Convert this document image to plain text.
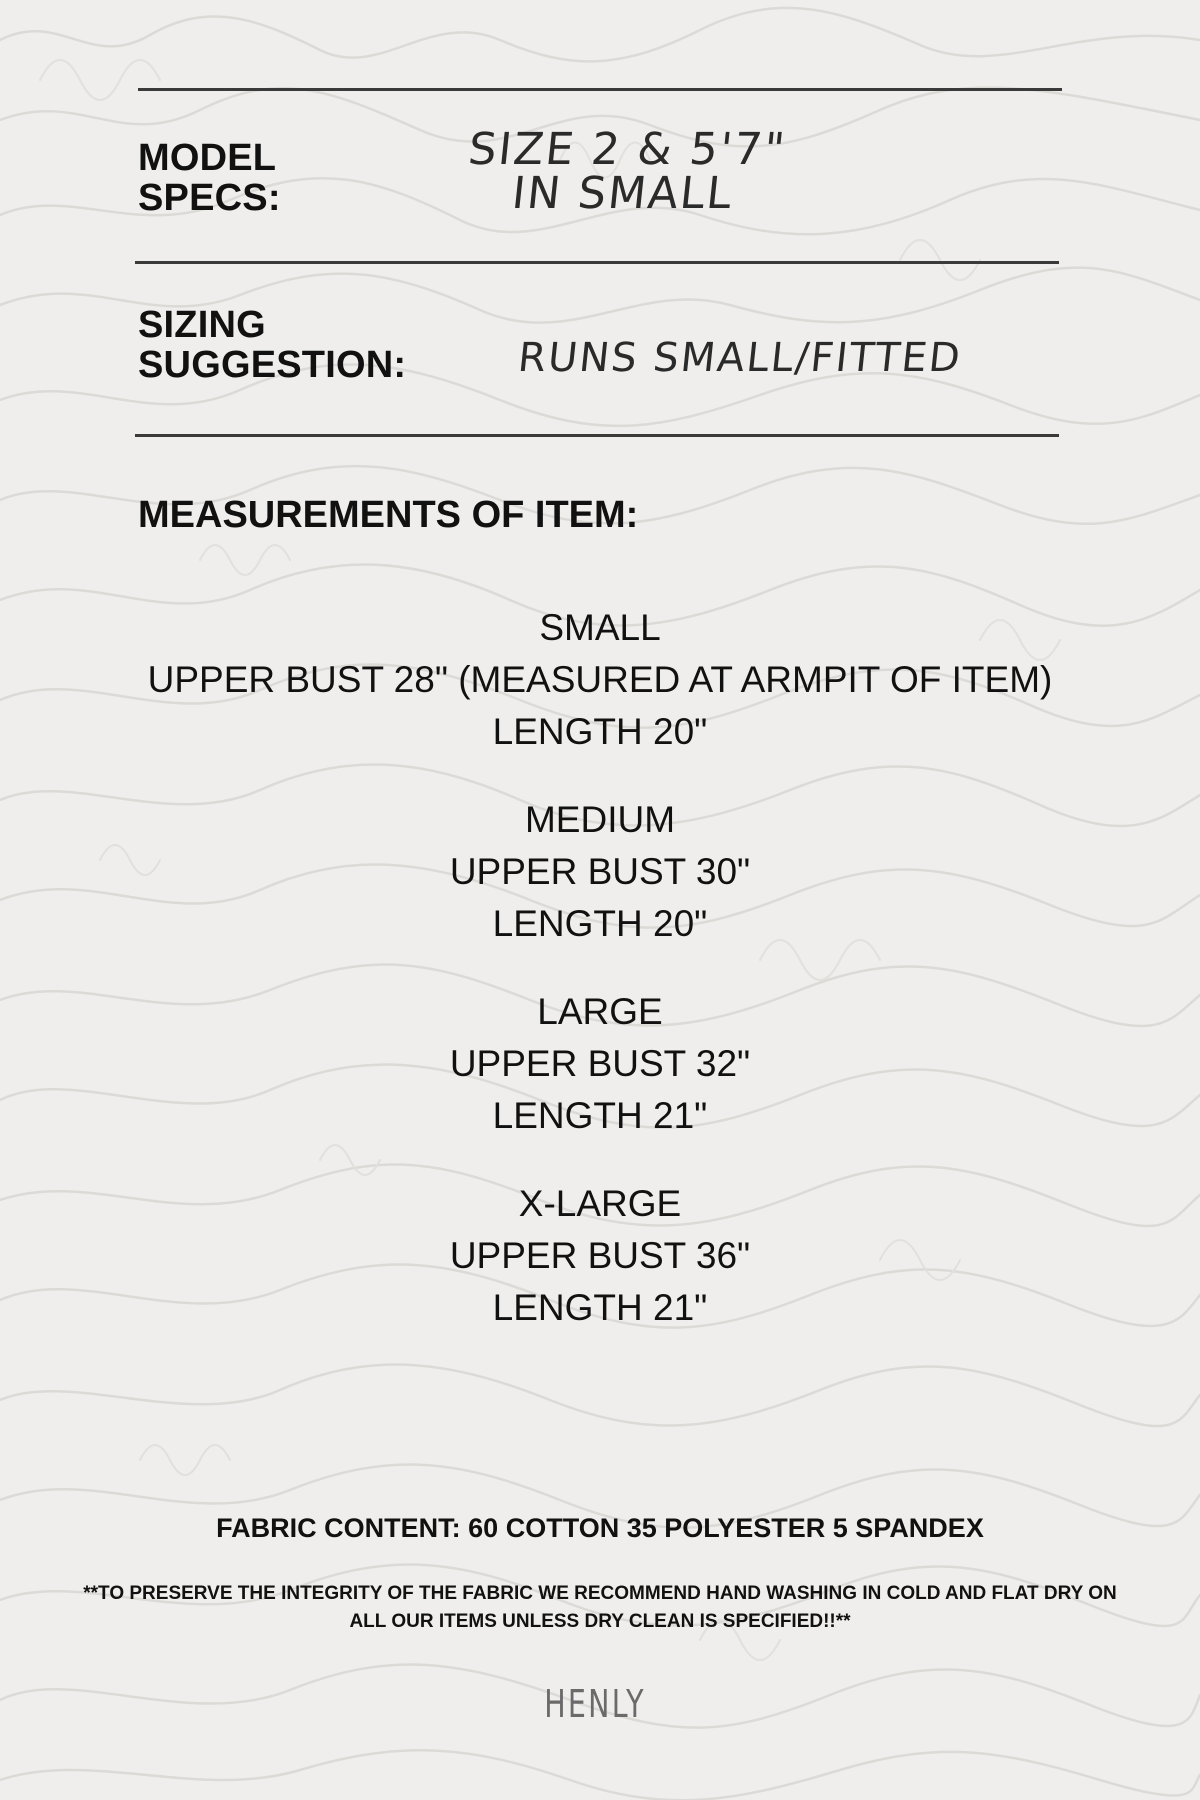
MODEL
SPECS:
SIZE 2 & 5'7"
IN SMALL
SIZING
SUGGESTION:	RUNS SMALL/FITTED
MEASUREMENTS OF ITEM:
SMALL
UPPER BUST 28" (MEASURED AT ARMPIT OF ITEM)
LENGTH 20"
MEDIUM
UPPER BUST 30"
LENGTH 20"
LARGE
UPPER BUST 32"
LENGTH 21"
X-LARGE
UPPER BUST 36"
LENGTH 21"
FABRIC CONTENT: 60 COTTON 35 POLYESTER 5 SPANDEX
**TO PRESERVE THE INTEGRITY OF THE FABRIC WE RECOMMEND HAND WASHING IN COLD AND FLAT DRY ON
ALL OUR ITEMS UNLESS DRY CLEAN IS SPECIFIED!!**
HENLY
